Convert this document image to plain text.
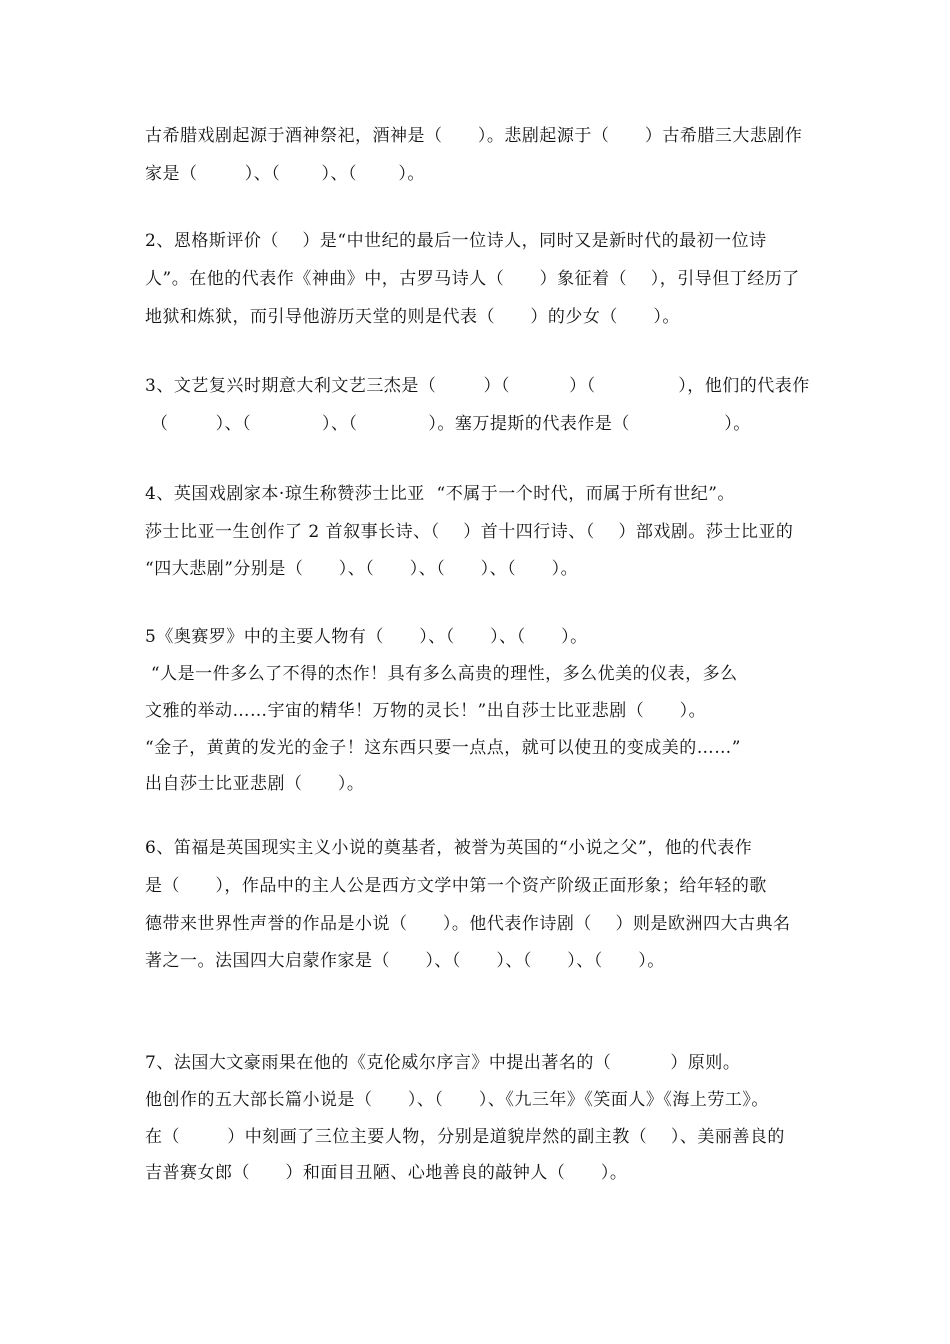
古希腊戏剧起源于酒神祭祀，酒神是（      ）。悲剧起源于（      ）古希腊三大悲剧作
家是（        ）、（       ）、（       ）。
2、恩格斯评价（    ）是“中世纪的最后一位诗人，同时又是新时代的最初一位诗
人”。在他的代表作《神曲》中，古罗马诗人（      ）象征着（    ），引导但丁经历了
地狱和炼狱，而引导他游历天堂的则是代表（      ）的少女（      ）。
3、文艺复兴时期意大利文艺三杰是（        ）（          ）（              ），他们的代表作
（        ）、（            ）、（            ）。塞万提斯的代表作是（                ）。
4、英国戏剧家本·琼生称赞莎士比亚  “不属于一个时代，而属于所有世纪”。
莎士比亚一生创作了 2 首叙事长诗、（    ）首十四行诗、（    ）部戏剧。莎士比亚的
“四大悲剧”分别是（      ）、（      ）、（      ）、（      ）。
5《奥赛罗》中的主要人物有（      ）、（      ）、（      ）。
“人是一件多么了不得的杰作！具有多么高贵的理性，多么优美的仪表，多么
文雅的举动……宇宙的精华！万物的灵长！”出自莎士比亚悲剧（      ）。
“金子，黄黄的发光的金子！这东西只要一点点，就可以使丑的变成美的……”
出自莎士比亚悲剧（      ）。
6、笛福是英国现实主义小说的奠基者，被誉为英国的“小说之父”，他的代表作
是（      ），作品中的主人公是西方文学中第一个资产阶级正面形象；给年轻的歌
德带来世界性声誉的作品是小说（      ）。他代表作诗剧（    ）则是欧洲四大古典名
著之一。法国四大启蒙作家是（      ）、（      ）、（      ）、（      ）。
7、法国大文豪雨果在他的《克伦威尔序言》中提出著名的（          ）原则。
他创作的五大部长篇小说是（      ）、（      ）、《九三年》《笑面人》《海上劳工》。
在（        ）中刻画了三位主要人物，分别是道貌岸然的副主教（    ）、美丽善良的
吉普赛女郎（      ）和面目丑陋、心地善良的敲钟人（      ）。
